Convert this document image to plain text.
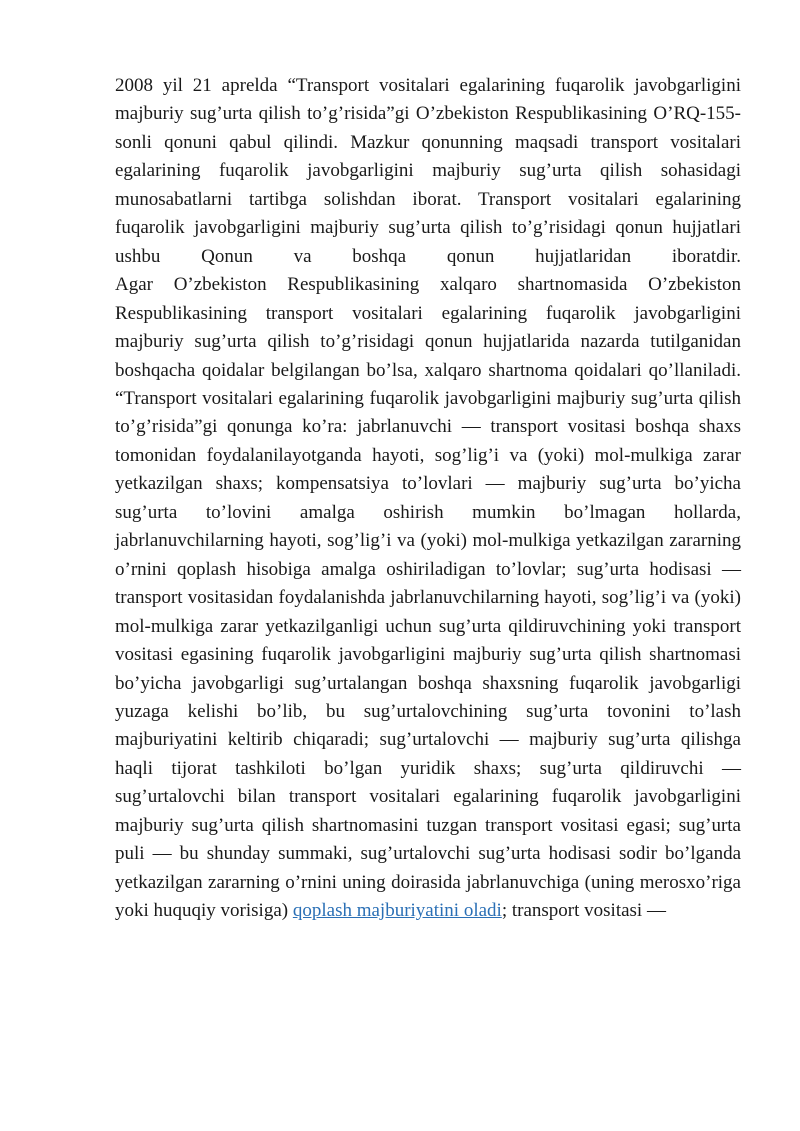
2008 yil 21 aprelda “Transport vositalari egalarining fuqarolik javobgarligini majburiy sug’urta qilish to’g’risida”gi O’zbekiston Respublikasining O’RQ-155-sonli qonuni qabul qilindi. Mazkur qonunning maqsadi transport vositalari egalarining fuqarolik javobgarligini majburiy sug’urta qilish sohasidagi munosabatlarni tartibga solishdan iborat. Transport vositalari egalarining fuqarolik javobgarligini majburiy sug’urta qilish to’g’risidagi qonun hujjatlari ushbu Qonun va boshqa qonun hujjatlaridan iboratdir.

Agar O’zbekiston Respublikasining xalqaro shartnomasida O’zbekiston Respublikasining transport vositalari egalarining fuqarolik javobgarligini majburiy sug’urta qilish to’g’risidagi qonun hujjatlarida nazarda tutilganidan boshqacha qoidalar belgilangan bo’lsa, xalqaro shartnoma qoidalari qo’llaniladi.

“Transport vositalari egalarining fuqarolik javobgarligini majburiy sug’urta qilish to’g’risida”gi qonunga ko’ra: jabrlanuvchi — transport vositasi boshqa shaxs tomonidan foydalanilayotganda hayoti, sog’lig’i va (yoki) mol-mulkiga zarar yetkazilgan shaxs; kompensatsiya to’lovlari — majburiy sug’urta bo’yicha sug’urta to’lovini amalga oshirish mumkin bo’lmagan hollarda, jabrlanuvchilarning hayoti, sog’lig’i va (yoki) mol-mulkiga yetkazilgan zararning o’rnini qoplash hisobiga amalga oshiriladigan to’lovlar; sug’urta hodisasi — transport vositasidan foydalanishda jabrlanuvchilarning hayoti, sog’lig’i va (yoki) mol-mulkiga zarar yetkazilganligi uchun sug’urta qildiruvchining yoki transport vositasi egasining fuqarolik javobgarligini majburiy sug’urta qilish shartnomasi bo’yicha javobgarligi sug’urtalangan boshqa shaxsning fuqarolik javobgarligi yuzaga kelishi bo’lib, bu sug’urtalovchining sug’urta tovonini to’lash majburiyatini keltirib chiqaradi; sug’urtalovchi — majburiy sug’urta qilishga haqli tijorat tashkiloti bo’lgan yuridik shaxs; sug’urta qildiruvchi — sug’urtalovchi bilan transport vositalari egalarining fuqarolik javobgarligini majburiy sug’urta qilish shartnomasini tuzgan transport vositasi egasi; sug’urta puli — bu shunday summaki, sug’urtalovchi sug’urta hodisasi sodir bo’lganda yetkazilgan zararning o’rnini uning doirasida jabrlanuvchiga (uning merosxo’riga yoki huquqiy vorisiga) qoplash majburiyatini oladi; transport vositasi —
